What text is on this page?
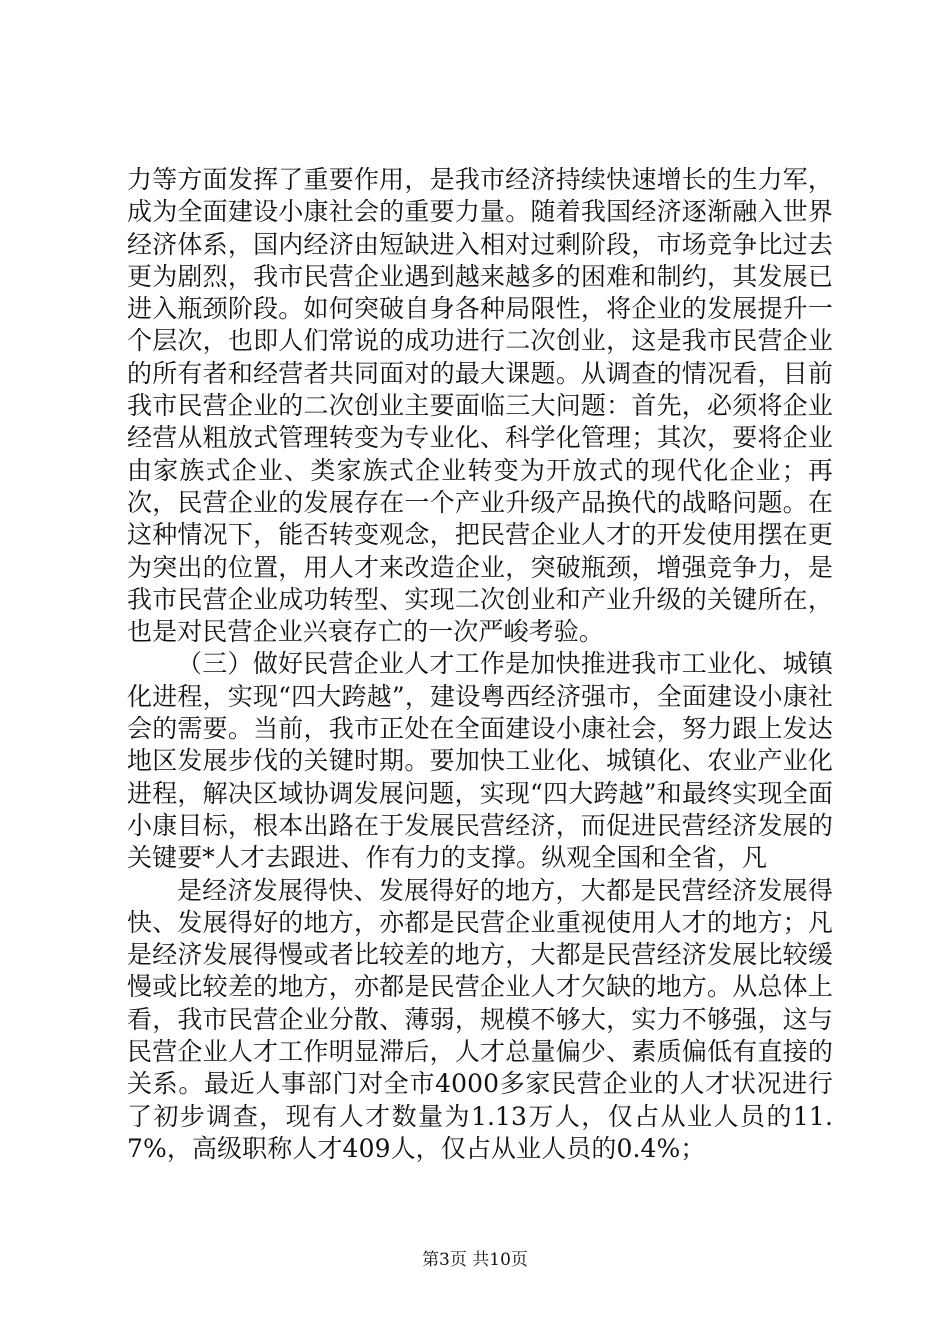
力等方面发挥了重要作用，是我市经济持续快速增长的生力军，成为全面建设小康社会的重要力量。随着我国经济逐渐融入世界经济体系，国内经济由短缺进入相对过剩阶段，市场竞争比过去更为剧烈，我市民营企业遇到越来越多的困难和制约，其发展已进入瓶颈阶段。如何突破自身各种局限性，将企业的发展提升一个层次，也即人们常说的成功进行二次创业，这是我市民营企业的所有者和经营者共同面对的最大课题。从调查的情况看，目前我市民营企业的二次创业主要面临三大问题：首先，必须将企业经营从粗放式管理转变为专业化、科学化管理；其次，要将企业由家族式企业、类家族式企业转变为开放式的现代化企业；再次，民营企业的发展存在一个产业升级产品换代的战略问题。在这种情况下，能否转变观念，把民营企业人才的开发使用摆在更为突出的位置，用人才来改造企业，突破瓶颈，增强竞争力，是我市民营企业成功转型、实现二次创业和产业升级的关键所在，也是对民营企业兴衰存亡的一次严峻考验。

（三）做好民营企业人才工作是加快推进我市工业化、城镇化进程，实现“四大跨越”，建设粤西经济强市，全面建设小康社会的需要。当前，我市正处在全面建设小康社会，努力跟上发达地区发展步伐的关键时期。要加快工业化、城镇化、农业产业化进程，解决区域协调发展问题，实现“四大跨越”和最终实现全面小康目标，根本出路在于发展民营经济，而促进民营经济发展的关键要*人才去跟进、作有力的支撑。纵观全国和全省，凡

是经济发展得快、发展得好的地方，大都是民营经济发展得快、发展得好的地方，亦都是民营企业重视使用人才的地方；凡是经济发展得慢或者比较差的地方，大都是民营经济发展比较缓慢或比较差的地方，亦都是民营企业人才欠缺的地方。从总体上看，我市民营企业分散、薄弱，规模不够大，实力不够强，这与民营企业人才工作明显滞后，人才总量偏少、素质偏低有直接的关系。最近人事部门对全市4000多家民营企业的人才状况进行了初步调查，现有人才数量为1.13万人，仅占从业人员的11.7%，高级职称人才409人，仅占从业人员的0.4%；

第3页 共10页
